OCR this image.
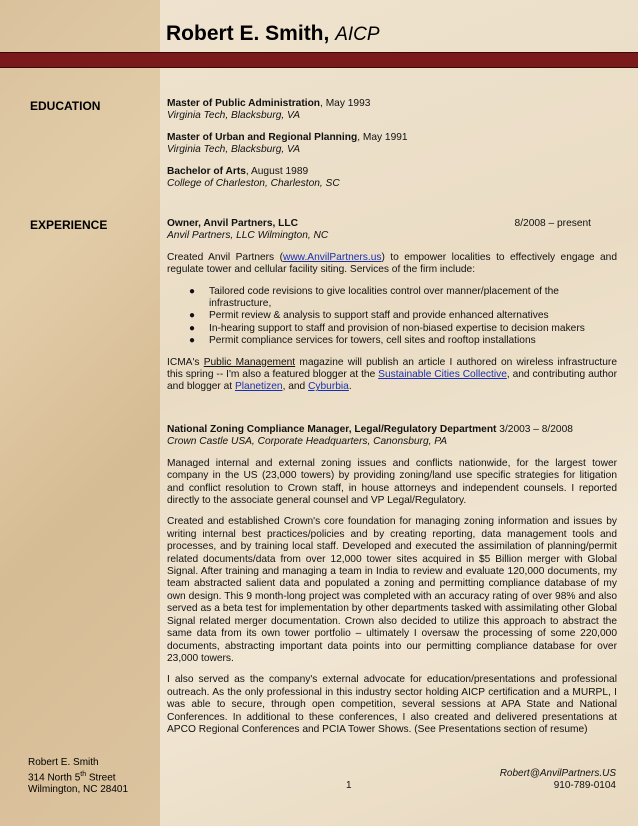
Robert E. Smith, AICP
EDUCATION	Master of Public Administration, May 1993

Virginia Tech, Blacksburg, VA

Master of Urban and Regional Planning, May 1991

Virginia Tech, Blacksburg, VA

Bachelor of Arts, August 1989

College of Charleston, Charleston, SC

EXPERIENCE	Owner, Anvil Partners, LLC	8/2008 – present

Anvil Partners, LLC Wilmington, NC

Created Anvil Partners (www.AnvilPartners.us) to empower localities to effectively engage and regulate tower and cellular facility siting. Services of the firm include:

● Tailored code revisions to give localities control over manner/placement of the infrastructure,
● Permit review & analysis to support staff and provide enhanced alternatives
● In-hearing support to staff and provision of non-biased expertise to decision makers
● Permit compliance services for towers, cell sites and rooftop installations

ICMA's Public Management magazine will publish an article I authored on wireless infrastructure this spring -- I'm also a featured blogger at the Sustainable Cities Collective, and contributing author and blogger at Planetizen, and Cyburbia.

National Zoning Compliance Manager, Legal/Regulatory Department 3/2003 – 8/2008

Crown Castle USA, Corporate Headquarters, Canonsburg, PA

Managed internal and external zoning issues and conflicts nationwide, for the largest tower company in the US (23,000 towers) by providing zoning/land use specific strategies for litigation and conflict resolution to Crown staff, in house attorneys and independent counsels. I reported directly to the associate general counsel and VP Legal/Regulatory.

Created and established Crown's core foundation for managing zoning information and issues by writing internal best practices/policies and by creating reporting, data management tools and processes, and by training local staff. Developed and executed the assimilation of planning/permit related documents/data from over 12,000 tower sites acquired in $5 Billion merger with Global Signal. After training and managing a team in India to review and evaluate 120,000 documents, my team abstracted salient data and populated a zoning and permitting compliance database of my own design. This 9 month-long project was completed with an accuracy rating of over 98% and also served as a beta test for implementation by other departments tasked with assimilating other Global Signal related merger documentation. Crown also decided to utilize this approach to abstract the same data from its own tower portfolio – ultimately I oversaw the processing of some 220,000 documents, abstracting important data points into our permitting compliance database for over 23,000 towers.

I also served as the company's external advocate for education/presentations and professional outreach. As the only professional in this industry sector holding AICP certification and a MURPL, I was able to secure, through open competition, several sessions at APA State and National Conferences. In additional to these conferences, I also created and delivered presentations at APCO Regional Conferences and PCIA Tower Shows. (See Presentations section of resume)

Robert E. Smith
314 North 5th Street
Wilmington, NC 28401	1
Robert@AnvilPartners.US
910-789-0104
